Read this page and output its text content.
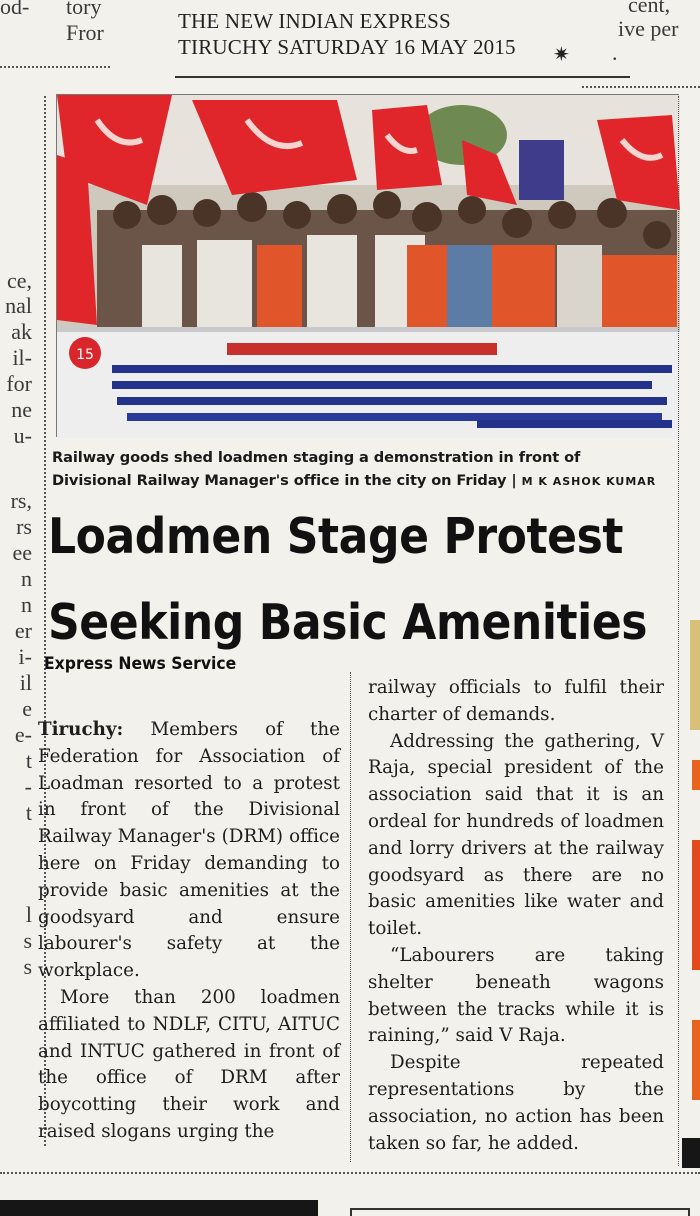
od- tory
Fror
cent,
ive per
.
ce,
nal
ak
il-
for
ne
u-
rs,
rs
ee
n
n
er
i-
il
e
e-
t
-
t
l
s
s
THE NEW INDIAN EXPRESS
TIRUCHY SATURDAY 16 MAY 2015 ✷
15
Railway goods shed loadmen staging a demonstration in front of Divisional Railway Manager's office in the city on Friday | M K ASHOK KUMAR
Loadmen Stage Protest
Seeking Basic Amenities
Express News Service

Tiruchy: Members of the Federation for Association of Loadman resorted to a protest in front of the Divisional Railway Manager's (DRM) office here on Friday demanding to provide basic amenities at the goodsyard and ensure labourer's safety at the workplace.

More than 200 loadmen affiliated to NDLF, CITU, AITUC and INTUC gathered in front of the office of DRM after boycotting their work and raised slogans urging the

railway officials to fulfil their charter of demands.

Addressing the gathering, V Raja, special president of the association said that it is an ordeal for hundreds of loadmen and lorry drivers at the railway goodsyard as there are no basic amenities like water and toilet.

“Labourers are taking shelter beneath wagons between the tracks while it is raining,” said V Raja.

Despite repeated representations by the association, no action has been taken so far, he added.
